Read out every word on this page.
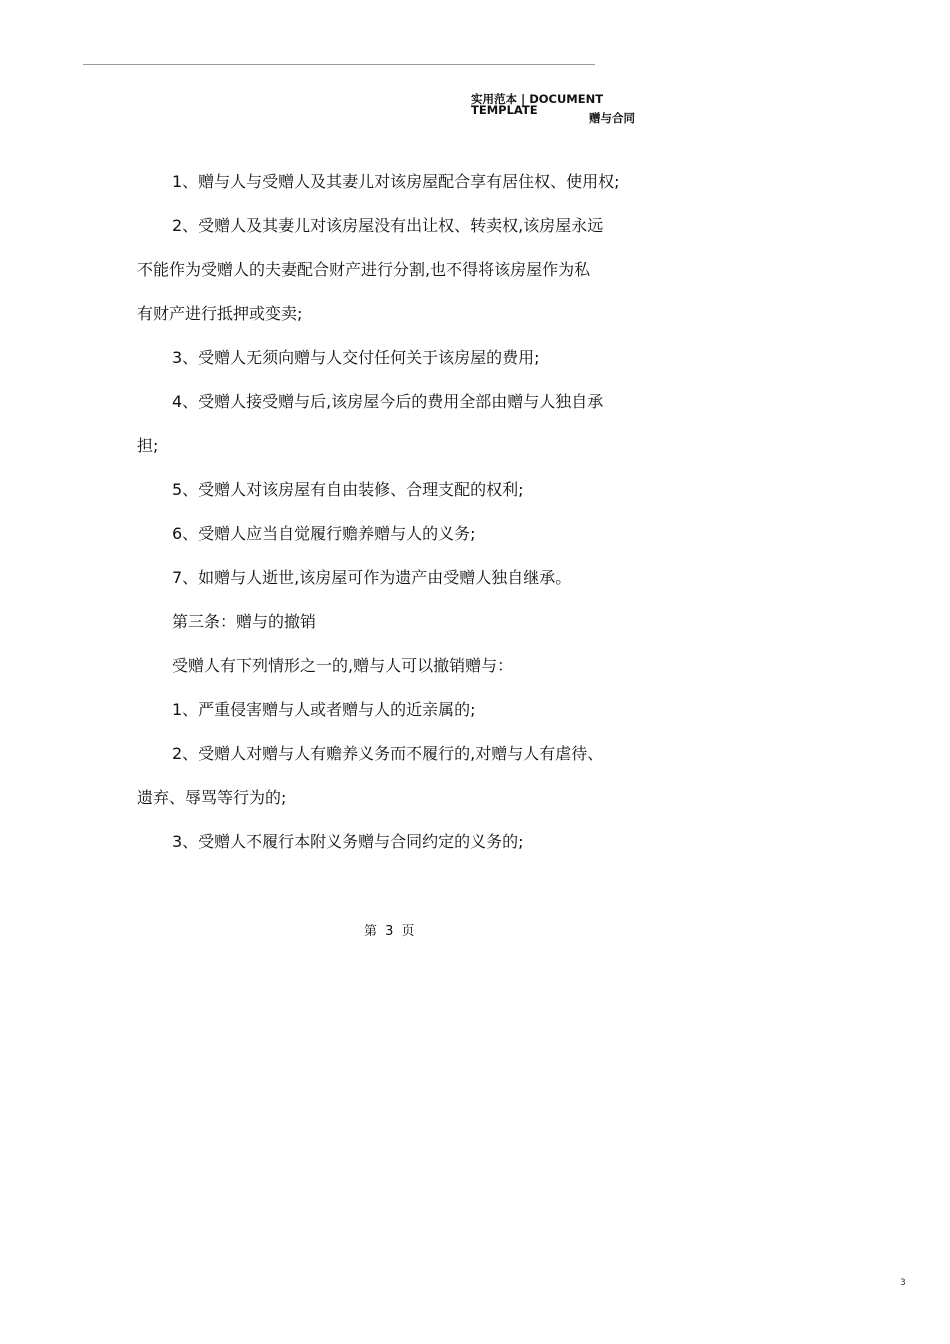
实用范本 | DOCUMENT TEMPLATE

赠与合同

1、赠与人与受赠人及其妻儿对该房屋配合享有居住权、使用权;

2、受赠人及其妻儿对该房屋没有出让权、转卖权,该房屋永远

不能作为受赠人的夫妻配合财产进行分割,也不得将该房屋作为私

有财产进行抵押或变卖;

3、受赠人无须向赠与人交付任何关于该房屋的费用;

4、受赠人接受赠与后,该房屋今后的费用全部由赠与人独自承

担;

5、受赠人对该房屋有自由装修、合理支配的权利;

6、受赠人应当自觉履行赡养赠与人的义务;

7、如赠与人逝世,该房屋可作为遗产由受赠人独自继承。

第三条：赠与的撤销

受赠人有下列情形之一的,赠与人可以撤销赠与：

1、严重侵害赠与人或者赠与人的近亲属的;

2、受赠人对赠与人有赡养义务而不履行的,对赠与人有虐待、

遗弃、辱骂等行为的;

3、受赠人不履行本附义务赠与合同约定的义务的;

第 3 页

3
